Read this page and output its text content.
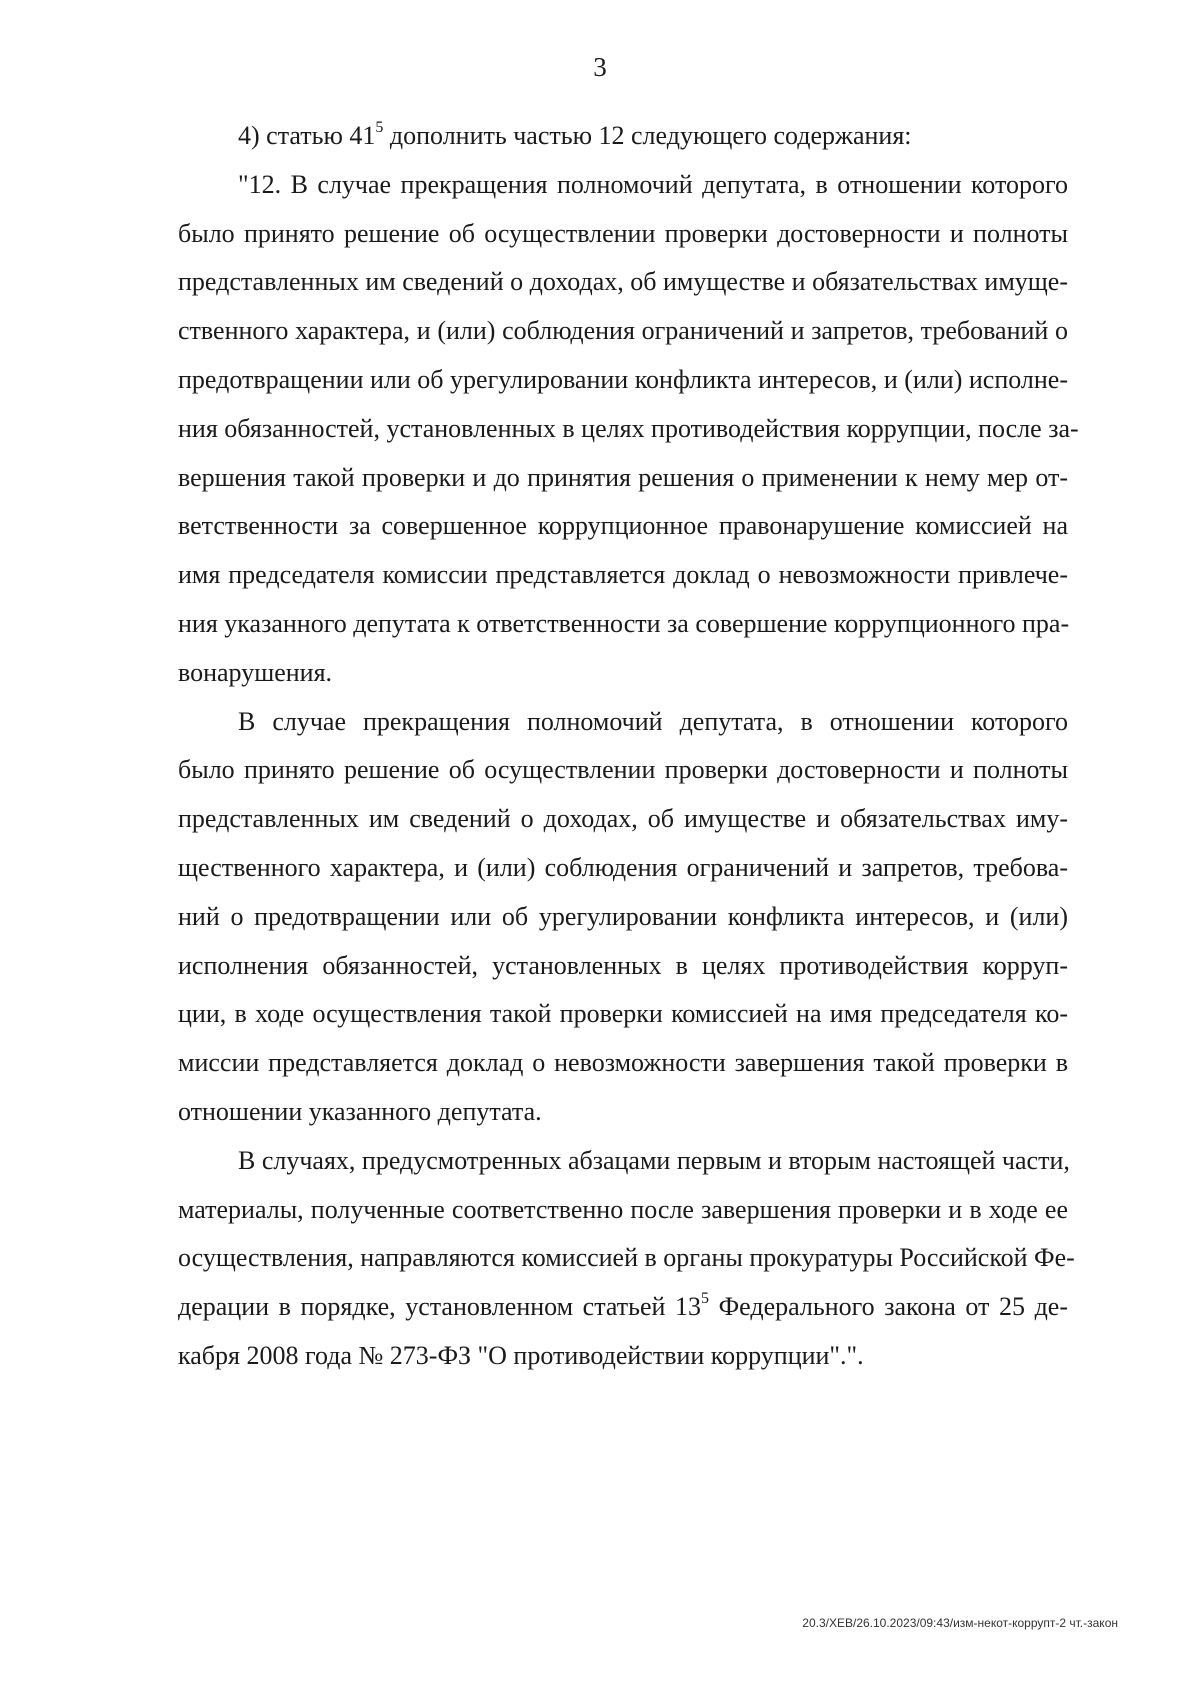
3
4) статью $41^5$ дополнить частью 12 следующего содержания:
"12. В случае прекращения полномочий депутата, в отношении которого
было принято решение об осуществлении проверки достоверности и полноты
представленных им сведений о доходах, об имуществе и обязательствах имуще-
ственного характера, и (или) соблюдения ограничений и запретов, требований о
предотвращении или об урегулировании конфликта интересов, и (или) исполне-
ния обязанностей, установленных в целях противодействия коррупции, после за-
вершения такой проверки и до принятия решения о применении к нему мер от-
ветственности за совершенное коррупционное правонарушение комиссией на
имя председателя комиссии представляется доклад о невозможности привлече-
ния указанного депутата к ответственности за совершение коррупционного пра-
вонарушения.
В случае прекращения полномочий депутата, в отношении которого
было принято решение об осуществлении проверки достоверности и полноты
представленных им сведений о доходах, об имуществе и обязательствах иму-
щественного характера, и (или) соблюдения ограничений и запретов, требова-
ний о предотвращении или об урегулировании конфликта интересов, и (или)
исполнения обязанностей, установленных в целях противодействия корруп-
ции, в ходе осуществления такой проверки комиссией на имя председателя ко-
миссии представляется доклад о невозможности завершения такой проверки в
отношении указанного депутата.
В случаях, предусмотренных абзацами первым и вторым настоящей части,
материалы, полученные соответственно после завершения проверки и в ходе ее
осуществления, направляются комиссией в органы прокуратуры Российской Фе-
дерации в порядке, установленном статьей $13^5$ Федерального закона от 25 де-
кабря 2008 года № 273-ФЗ "О противодействии коррупции".".
20.3/ХЕВ/26.10.2023/09:43/изм-некот-коррупт-2 чт.-закон
